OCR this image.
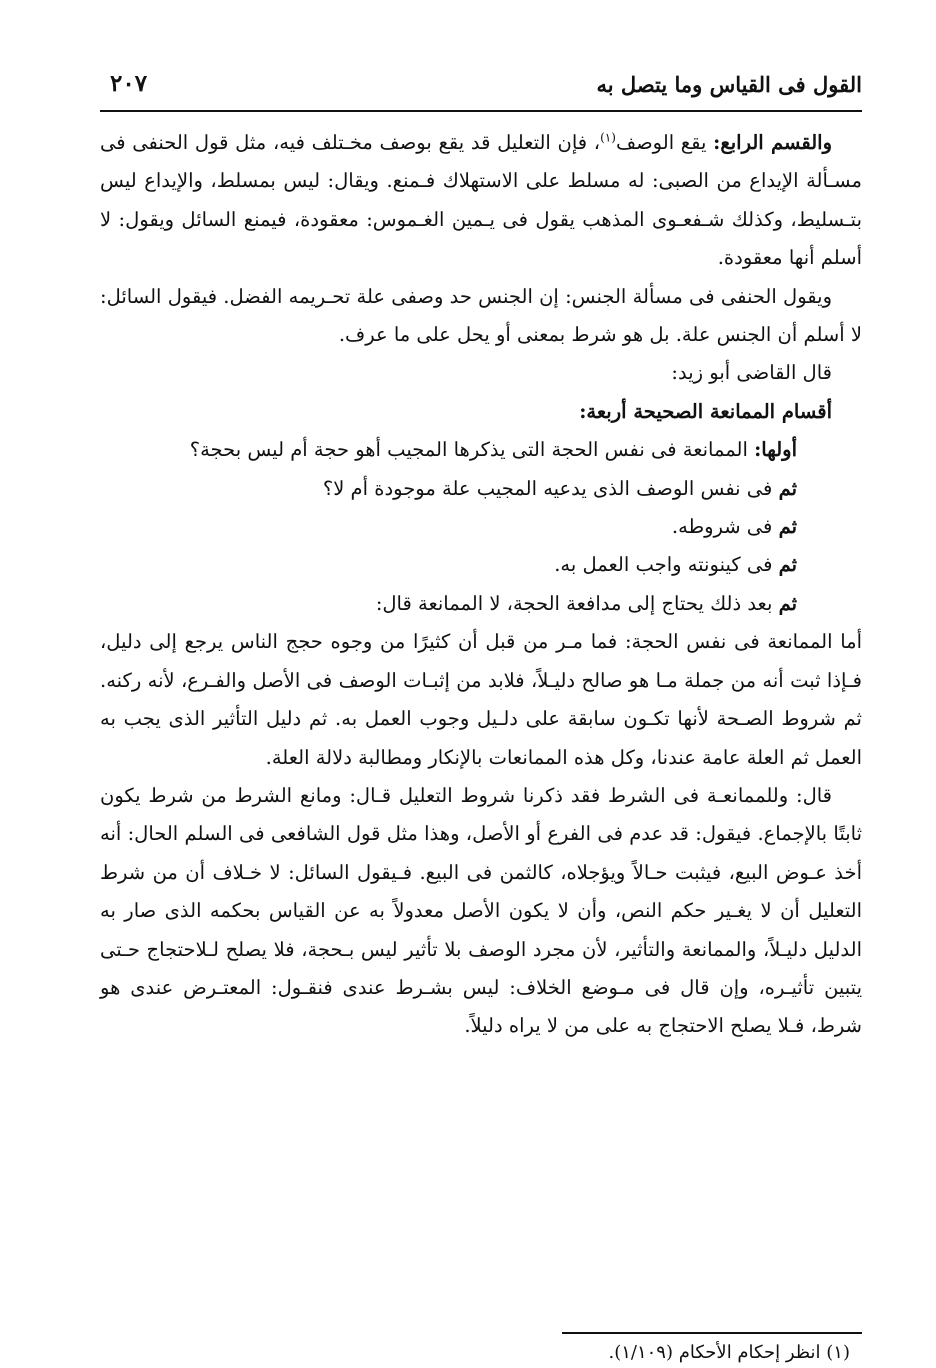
القول فى القياس وما يتصل به
٢٠٧

والقسم الرابع: يقع الوصف$^{(١)}$، فإن التعليل قد يقع بوصف مخـتلف فيه، مثل قول الحنفى فى مسـألة الإيداع من الصبى: له مسلط على الاستهلاك فـمنع. ويقال: ليس بمسلط، والإيداع ليس بتـسليط، وكذلك شـفعـوى المذهب يقول فى يـمين الغـموس: معقودة، فيمنع السائل ويقول: لا أسلم أنها معقودة.

ويقول الحنفى فى مسألة الجنس: إن الجنس حد وصفى علة تحـريمه الفضل. فيقول السائل: لا أسلم أن الجنس علة. بل هو شرط بمعنى أو يحل على ما عرف.

قال القاضى أبو زيد:

أقسام الممانعة الصحيحة أربعة:

أولها: الممانعة فى نفس الحجة التى يذكرها المجيب أهو حجة أم ليس بحجة؟

ثم فى نفس الوصف الذى يدعيه المجيب علة موجودة أم لا؟

ثم فى شروطه.

ثم فى كينونته واجب العمل به.

ثم بعد ذلك يحتاج إلى مدافعة الحجة، لا الممانعة قال:

أما الممانعة فى نفس الحجة: فما مـر من قبل أن كثيرًا من وجوه حجج الناس يرجع إلى دليل، فـإذا ثبت أنه من جملة مـا هو صالح دليـلاً، فلابد من إثبـات الوصف فى الأصل والفـرع، لأنه ركنه. ثم شروط الصـحة لأنها تكـون سابقة على دلـيل وجوب العمل به. ثم دليل التأثير الذى يجب به العمل ثم العلة عامة عندنا، وكل هذه الممانعات بالإنكار ومطالبة دلالة العلة.

قال: وللممانعـة فى الشرط فقد ذكرنا شروط التعليل قـال: ومانع الشرط من شرط يكون ثابتًا بالإجماع. فيقول: قد عدم فى الفرع أو الأصل، وهذا مثل قول الشافعى فى السلم الحال: أنه أخذ عـوض البيع، فيثبت حـالاً ويؤجلاه، كالثمن فى البيع. فـيقول السائل: لا خـلاف أن من شرط التعليل أن لا يغـير حكم النص، وأن لا يكون الأصل معدولاً به عن القياس بحكمه الذى صار به الدليل دليـلاً، والممانعة والتأثير، لأن مجرد الوصف بلا تأثير ليس بـحجة، فلا يصلح لـلاحتجاج حـتى يتبين تأثيـره، وإن قال فى مـوضع الخلاف: ليس بشـرط عندى فنقـول: المعتـرض عندى هو شرط، فـلا يصلح الاحتجاج به على من لا يراه دليلاً.

(١) انظر إحكام الأحكام (١/١٠٩).
